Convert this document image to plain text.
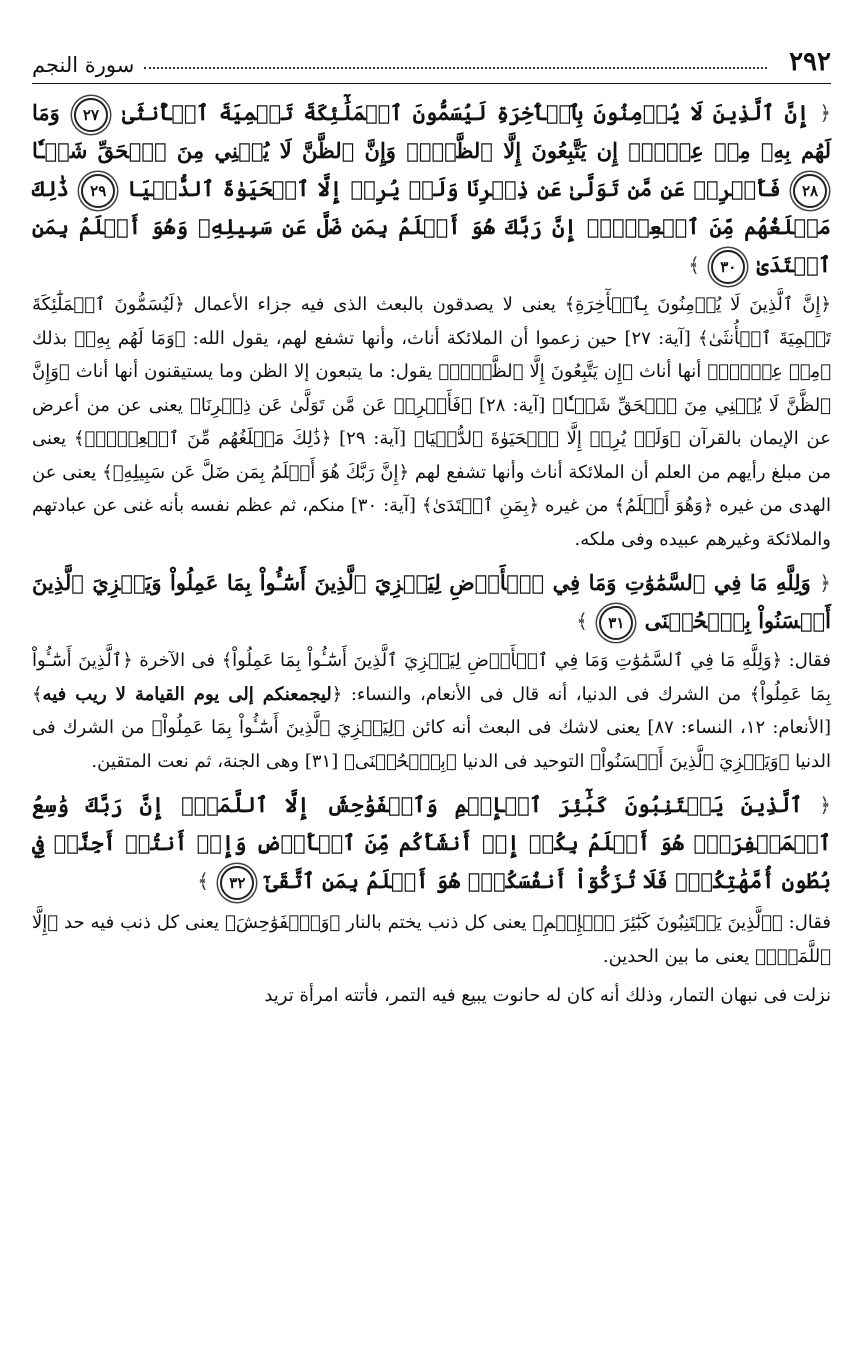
٢٩٢
سورة النجم

﴿ إِنَّ ٱلَّذِينَ لَا يُؤۡمِنُونَ بِٱلۡأٓخِرَةِ لَيُسَمُّونَ ٱلۡمَلَٰٓئِكَةَ تَسۡمِيَةَ ٱلۡأُنثَىٰ ٢٧ وَمَا لَهُم بِهِۦ مِنۡ عِلۡمٍۖ إِن يَتَّبِعُونَ إِلَّا ٱلظَّنَّۖ وَإِنَّ ٱلظَّنَّ لَا يُغۡنِي مِنَ ٱلۡحَقِّ شَيۡـٔٗا ٢٨ فَأَعۡرِضۡ عَن مَّن تَوَلَّىٰ عَن ذِكۡرِنَا وَلَمۡ يُرِدۡ إِلَّا ٱلۡحَيَوٰةَ ٱلدُّنۡيَا ٢٩ ذَٰلِكَ مَبۡلَغُهُم مِّنَ ٱلۡعِلۡمِۚ إِنَّ رَبَّكَ هُوَ أَعۡلَمُ بِمَن ضَلَّ عَن سَبِيلِهِۦ وَهُوَ أَعۡلَمُ بِمَنِ ٱهۡتَدَىٰ ٣٠ ﴾

﴿إِنَّ ٱلَّذِينَ لَا يُؤۡمِنُونَ بِٱلۡأٓخِرَةِ﴾ يعنى لا يصدقون بالبعث الذى فيه جزاء الأعمال ﴿لَيُسَمُّونَ ٱلۡمَلَٰٓئِكَةَ تَسۡمِيَةَ ٱلۡأُنثَىٰ﴾ [آية: ٢٧] حين زعموا أن الملائكة أناث، وأنها تشفع لهم، يقول الله: ﴿وَمَا لَهُم بِهِۦ﴾ بذلك ﴿مِنۡ عِلۡمٍۖ﴾ أنها أناث ﴿إِن يَتَّبِعُونَ إِلَّا ٱلظَّنَّۖ﴾ يقول: ما يتبعون إلا الظن وما يستيقنون أنها أناث ﴿وَإِنَّ ٱلظَّنَّ لَا يُغۡنِي مِنَ ٱلۡحَقِّ شَيۡـٔٗا﴾ [آية: ٢٨] ﴿فَأَعۡرِضۡ عَن مَّن تَوَلَّىٰ عَن ذِكۡرِنَا﴾ يعنى عن من أعرض عن الإيمان بالقرآن ﴿وَلَمۡ يُرِدۡ إِلَّا ٱلۡحَيَوٰةَ ٱلدُّنۡيَا﴾ [آية: ٢٩] ﴿ذَٰلِكَ مَبۡلَغُهُم مِّنَ ٱلۡعِلۡمِۚ﴾ يعنى من مبلغ رأيهم من العلم أن الملائكة أناث وأنها تشفع لهم ﴿إِنَّ رَبَّكَ هُوَ أَعۡلَمُ بِمَن ضَلَّ عَن سَبِيلِهِۦ﴾ يعنى عن الهدى من غيره ﴿وَهُوَ أَعۡلَمُ﴾ من غيره ﴿بِمَنِ ٱهۡتَدَىٰ﴾ [آية: ٣٠] منكم، ثم عظم نفسه بأنه غنى عن عبادتهم والملائكة وغيرهم عبيده وفى ملكه.

﴿ وَلِلَّهِ مَا فِي ٱلسَّمَٰوَٰتِ وَمَا فِي ٱلۡأَرۡضِ لِيَجۡزِيَ ٱلَّذِينَ أَسَٰٓـُٔواْ بِمَا عَمِلُواْ وَيَجۡزِيَ ٱلَّذِينَ أَحۡسَنُواْ بِٱلۡحُسۡنَى ٣١ ﴾

فقال: ﴿وَلِلَّهِ مَا فِي ٱلسَّمَٰوَٰتِ وَمَا فِي ٱلۡأَرۡضِ لِيَجۡزِيَ ٱلَّذِينَ أَسَٰٓـُٔواْ بِمَا عَمِلُواْ﴾ فى الآخرة ﴿ٱلَّذِينَ أَسَٰٓـُٔواْ بِمَا عَمِلُواْ﴾ من الشرك فى الدنيا، أنه قال فى الأنعام، والنساء: ﴿ليجمعنكم إلى يوم القيامة لا ريب فيه﴾ [الأنعام: ١٢، النساء: ٨٧] يعنى لاشك فى البعث أنه كائن ﴿لِيَجۡزِيَ ٱلَّذِينَ أَسَٰٓـُٔواْ بِمَا عَمِلُواْ﴾ من الشرك فى الدنيا ﴿وَيَجۡزِيَ ٱلَّذِينَ أَحۡسَنُواْ﴾ التوحيد فى الدنيا ﴿بِٱلۡحُسۡنَى﴾ [٣١] وهى الجنة، ثم نعت المتقين.

﴿ ٱلَّذِينَ يَجۡتَنِبُونَ كَبَٰٓئِرَ ٱلۡإِثۡمِ وَٱلۡفَوَٰحِشَ إِلَّا ٱللَّمَمَۚ إِنَّ رَبَّكَ وَٰسِعُ ٱلۡمَغۡفِرَةِۚ هُوَ أَعۡلَمُ بِكُمۡ إِذۡ أَنشَأَكُم مِّنَ ٱلۡأَرۡضِ وَإِذۡ أَنتُمۡ أَجِنَّةٞ فِي بُطُونِ أُمَّهَٰتِكُمۡۖ فَلَا تُزَكُّوٓاْ أَنفُسَكُمۡۖ هُوَ أَعۡلَمُ بِمَنِ ٱتَّقَىٰٓ ٣٢ ﴾

فقال: ﴿ٱلَّذِينَ يَجۡتَنِبُونَ كَبَٰٓئِرَ ٱلۡإِثۡمِ﴾ يعنى كل ذنب يختم بالنار ﴿وَٱلۡفَوَٰحِشَ﴾ يعنى كل ذنب فيه حد ﴿إِلَّا ٱللَّمَمَۚ﴾ يعنى ما بين الحدين.

نزلت فى نبهان التمار، وذلك أنه كان له حانوت يبيع فيه التمر، فأتته امرأة تريد
